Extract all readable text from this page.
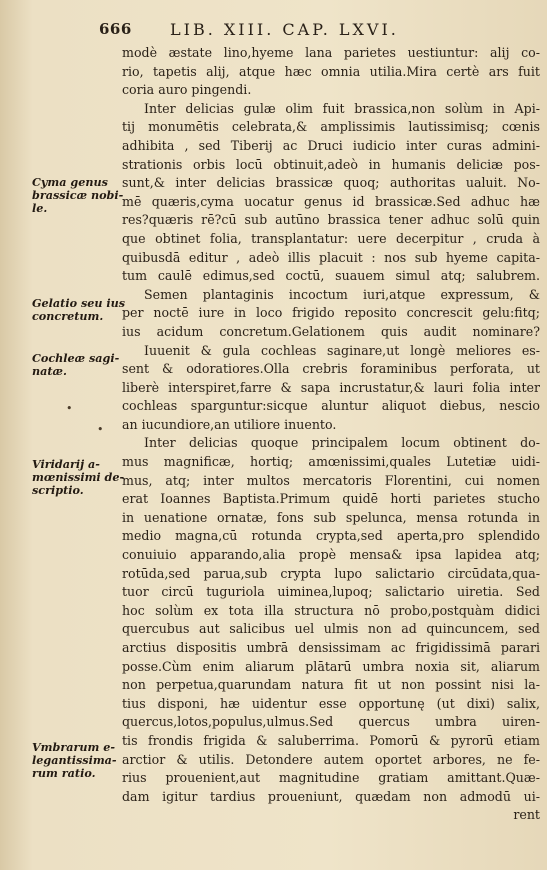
666 LIB. XIII. CAP. LXVI.
Cyma genus
brassicæ nobi-
le.
Gelatio seu ius
concretum.
Cochleæ sagi-
natæ.
Viridarij a-
mœnissimi de-
scriptio.
Vmbrarum e-
legantissima-
rum ratio.
•
•
modè æstate lino,hyeme lana parietes uestiuntur: alij co-
rio, tapetis alij, atque hæc omnia utilia.Mira certè ars fuit
coria auro pingendi.
Inter delicias gulæ olim fuit brassica,non solùm in Api-
tij monumētis celebrata,& amplissimis lautissimisq; cœnis
adhibita , sed Tiberij ac Druci iudicio inter curas admini-
strationis orbis locū obtinuit,adeò in humanis deliciæ pos-
sunt,& inter delicias brassicæ quoq; authoritas ualuit. No-
mē quæris,cyma uocatur genus id brassicæ.Sed adhuc hæ
res?quæris rē?cū sub autūno brassica tener adhuc solū quin
que obtinet folia, transplantatur: uere decerpitur , cruda à
quibusdā editur , adeò illis placuit : nos sub hyeme capita-
tum caulē edimus,sed coctū, suauem simul atq; salubrem.
Semen plantaginis incoctum iuri,atque expressum, &
per noctē iure in loco frigido reposito concrescit gelu:fitq;
ius acidum concretum.Gelationem quis audit nominare?
Iuuenit & gula cochleas saginare,ut longè meliores es-
sent & odoratiores.Olla crebris foraminibus perforata, ut
liberè interspiret,farre & sapa incrustatur,& lauri folia inter
cochleas sparguntur:sicque aluntur aliquot diebus, nescio
an iucundiore,an utiliore inuento.
Inter delicias quoque principalem locum obtinent do-
mus magnificæ, hortiq; amœnissimi,quales Lutetiæ uidi-
mus, atq; inter multos mercatoris Florentini, cui nomen
erat Ioannes Baptista.Primum quidē horti parietes stucho
in uenatione ornatæ, fons sub spelunca, mensa rotunda in
medio magna,cū rotunda crypta,sed aperta,pro splendido
conuiuio apparando,alia propè mensa& ipsa lapidea atq;
rotūda,sed parua,sub crypta lupo salictario circūdata,qua-
tuor circū tuguriola uiminea,lupoq; salictario uiretia. Sed
hoc solùm ex tota illa structura nō probo,postquàm didici
quercubus aut salicibus uel ulmis non ad quincuncem, sed
arctius dispositis umbrā densissimam ac frigidissimā parari
posse.Cùm enim aliarum plātarū umbra noxia sit, aliarum
non perpetua,quarundam natura fit ut non possint nisi la-
tius disponi, hæ uidentur esse opportunę (ut dixi) salix,
quercus,lotos,populus,ulmus.Sed quercus umbra uiren-
tis frondis frigida & saluberrima. Pomorū & pyrorū etiam
arctior & utilis. Detondere autem oportet arbores, ne fe-
rius prouenient,aut magnitudine gratiam amittant.Quæ-
dam igitur tardius proueniunt, quædam non admodū ui-
rent
